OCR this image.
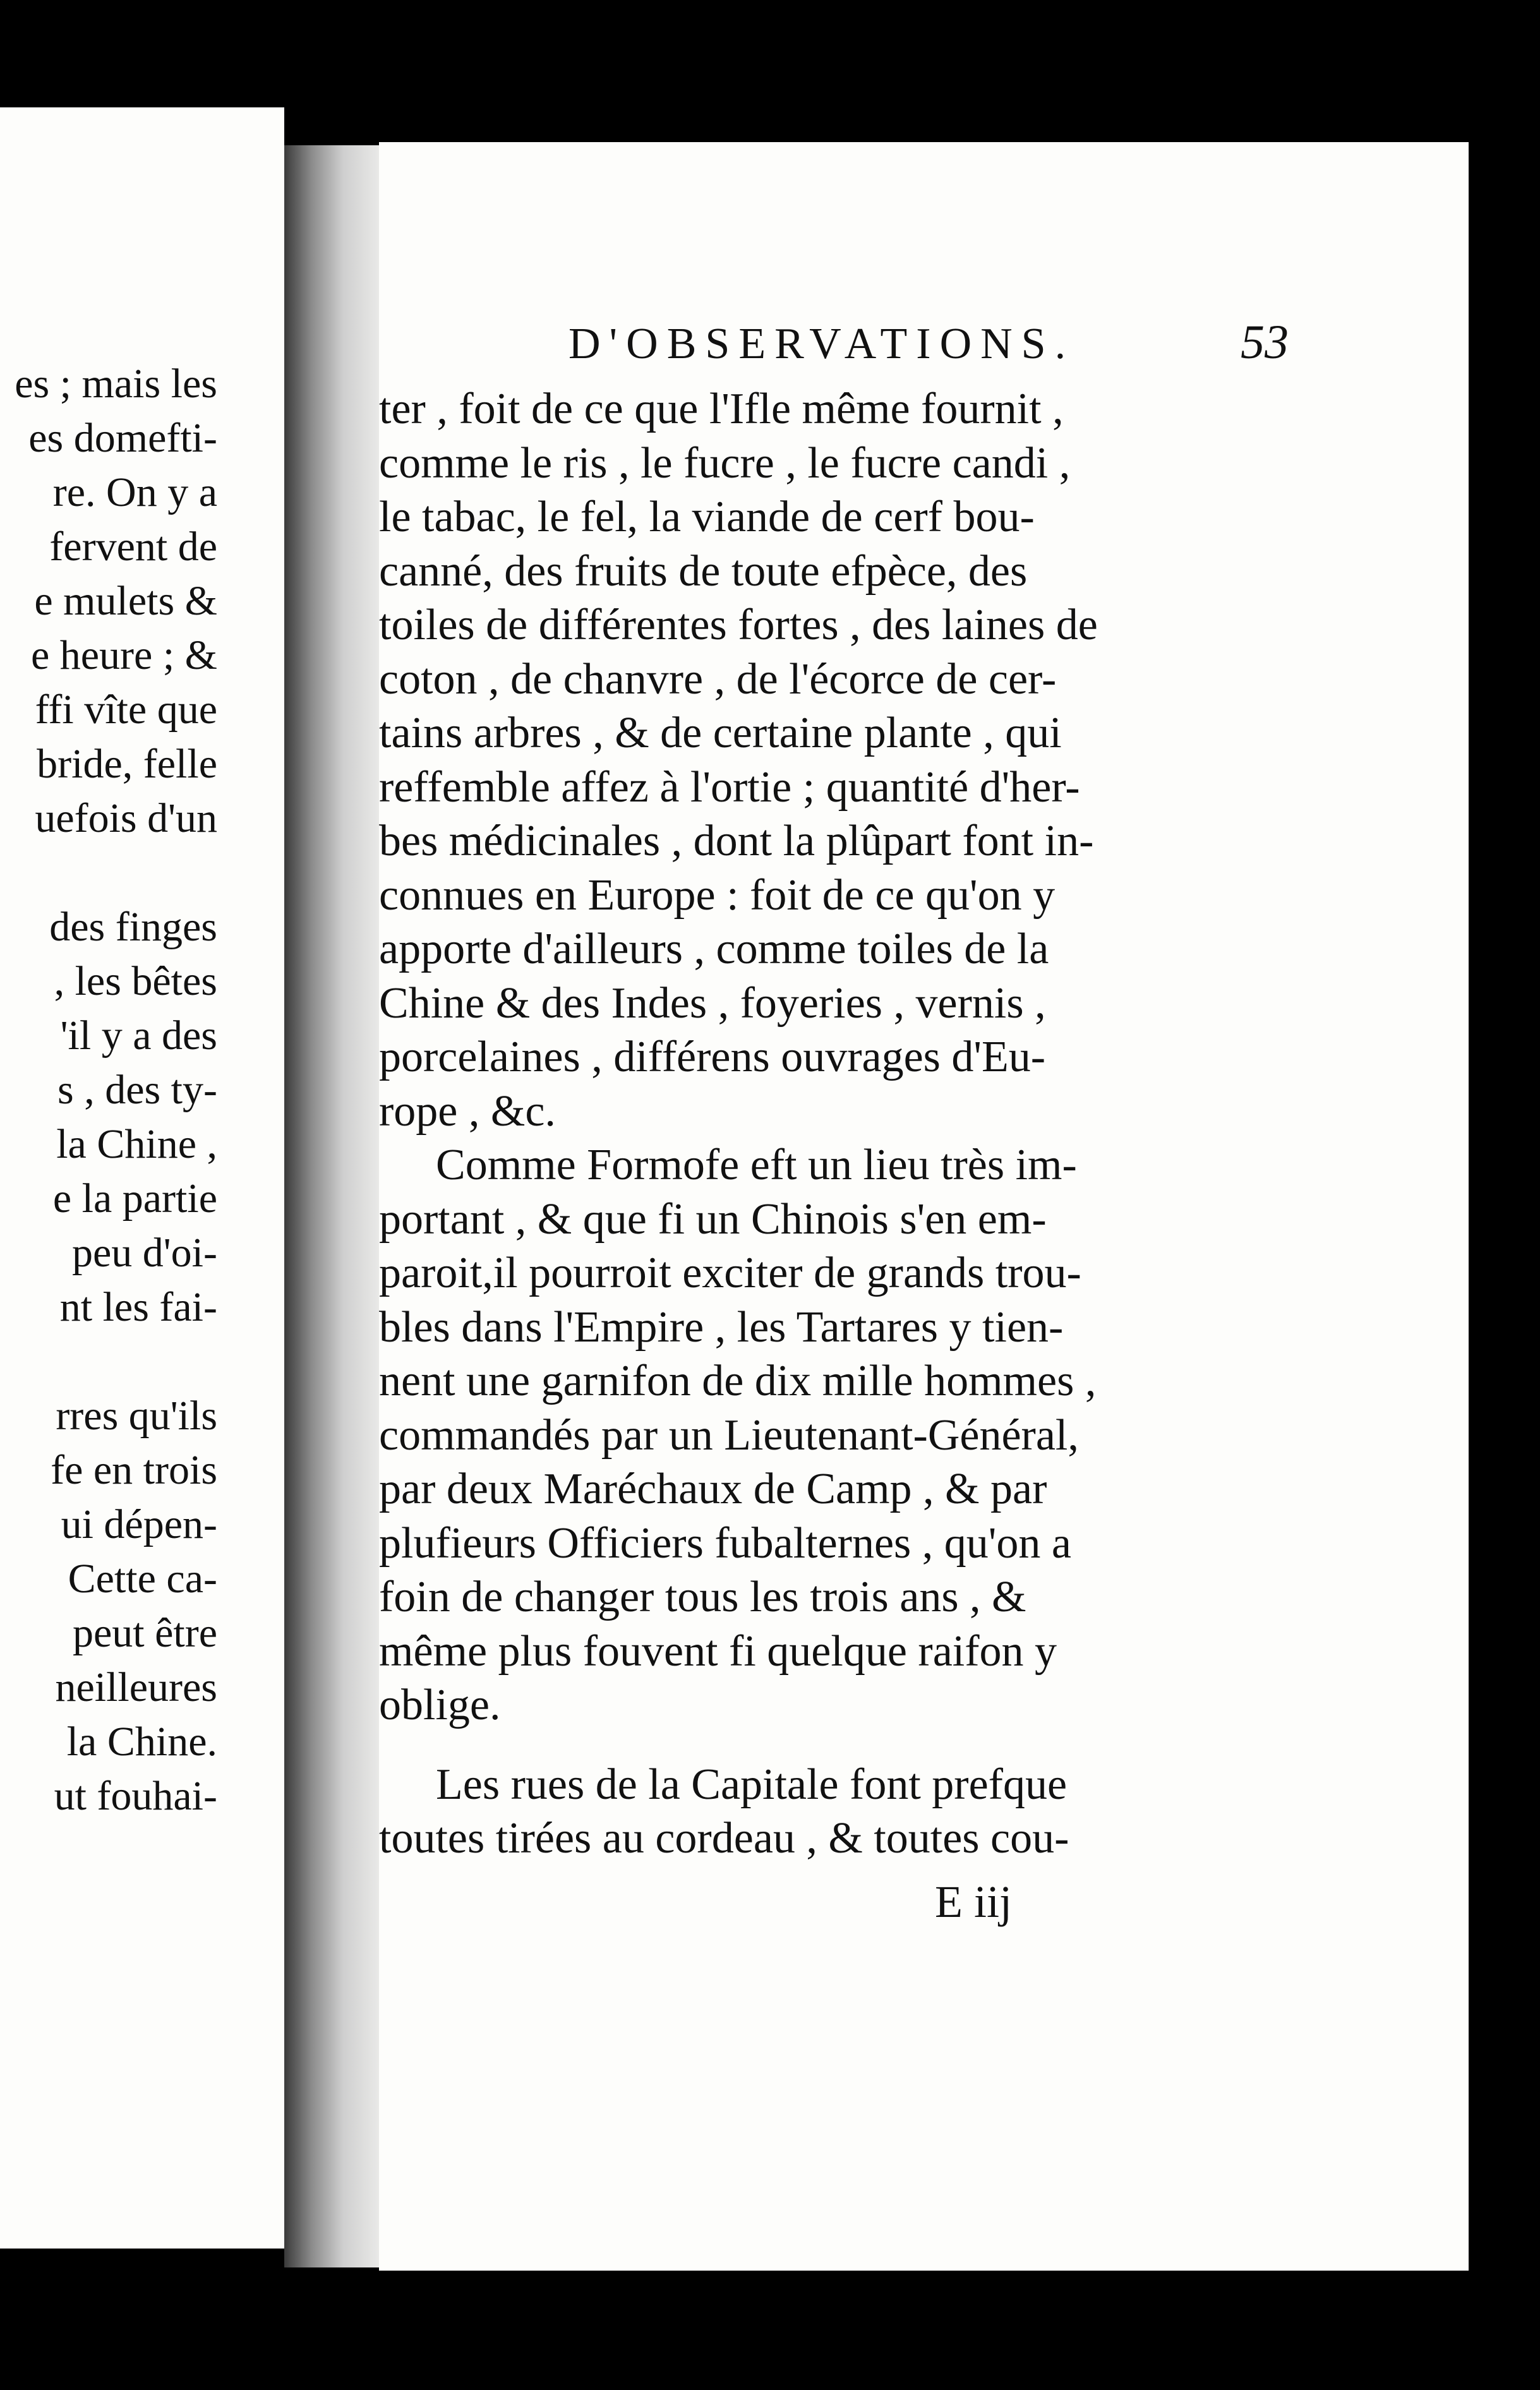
es ; mais les
es domefti-
re. On y a
fervent de
e mulets &
e heure ; &
ffi vîte que
bride, felle
uefois d'un
des finges
, les bêtes
'il y a des
s , des ty-
la Chine ,
e la partie
peu d'oi-
nt les fai-
rres qu'ils
fe en trois
ui dépen-
Cette ca-
peut être
neilleures
la Chine.
ut fouhai-
D'OBSERVATIONS.	53
ter , foit de ce que l'Ifle même fournit ,
comme le ris , le fucre , le fucre candi ,
le tabac, le fel, la viande de cerf bou-
canné, des fruits de toute efpèce, des
toiles de différentes fortes , des laines de
coton , de chanvre , de l'écorce de cer-
tains arbres , & de certaine plante , qui
reffemble affez à l'ortie ; quantité d'her-
bes médicinales , dont la plûpart font in-
connues en Europe : foit de ce qu'on y
apporte d'ailleurs , comme toiles de la
Chine & des Indes , foyeries , vernis ,
porcelaines , différens ouvrages d'Eu-
rope , &c.
Comme Formofe eft un lieu très im-
portant , & que fi un Chinois s'en em-
paroit,il pourroit exciter de grands trou-
bles dans l'Empire , les Tartares y tien-
nent une garnifon de dix mille hommes ,
commandés par un Lieutenant-Général,
par deux Maréchaux de Camp , & par
plufieurs Officiers fubalternes , qu'on a
foin de changer tous les trois ans , &
même plus fouvent fi quelque raifon y
oblige.
Les rues de la Capitale font prefque
toutes tirées au cordeau , & toutes cou-
E iij
